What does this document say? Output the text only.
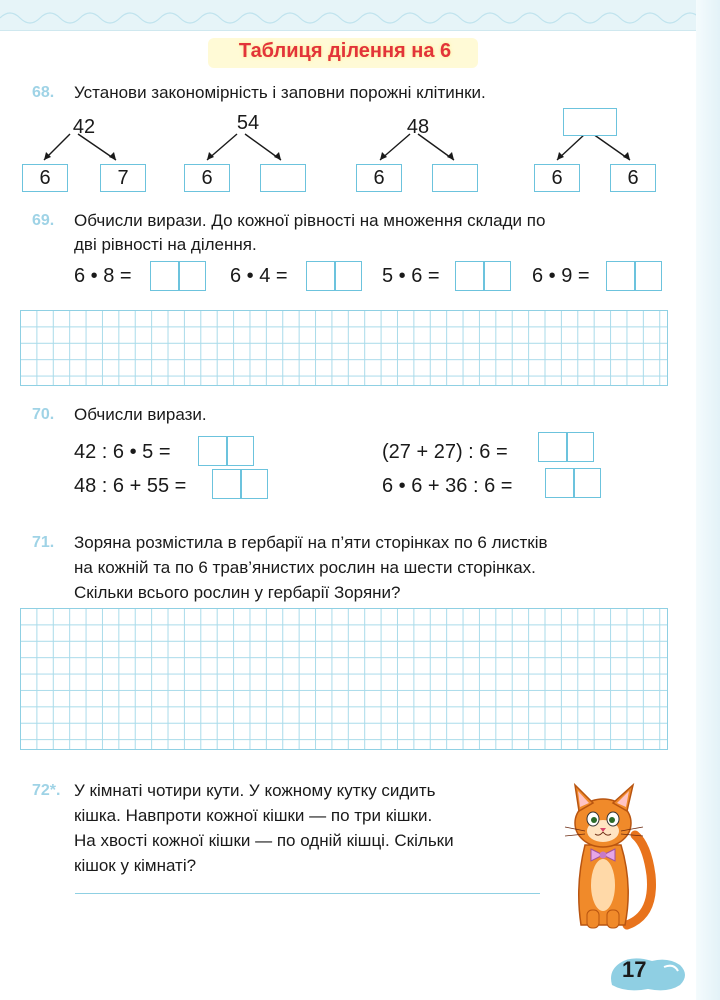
Таблиця ділення на 6
68. Установи закономірність і заповни порожні клітинки.
42
6	7
54
6
48
6	6	6
69. Обчисли вирази. До кожної рівності на множення склади по
дві рівності на ділення.
6 • 8 =	6 • 4 =	5 • 6 =	6 • 9 =
70. Обчисли вирази.
42 : 6 • 5 =	(27 + 27) : 6 =
48 : 6 + 55 =	6 • 6 + 36 : 6 =
71. Зоряна розмістила в гербарії на п’яти сторінках по 6 листків
на кожній та по 6 трав’янистих рослин на шести сторінках.
Скільки всього рослин у гербарії Зоряни?
72*. У кімнаті чотири кути. У кожному кутку сидить
кішка. Навпроти кожної кішки — по три кішки.
На хвості кожної кішки — по одній кішці. Скільки
кішок у кімнаті?
17
